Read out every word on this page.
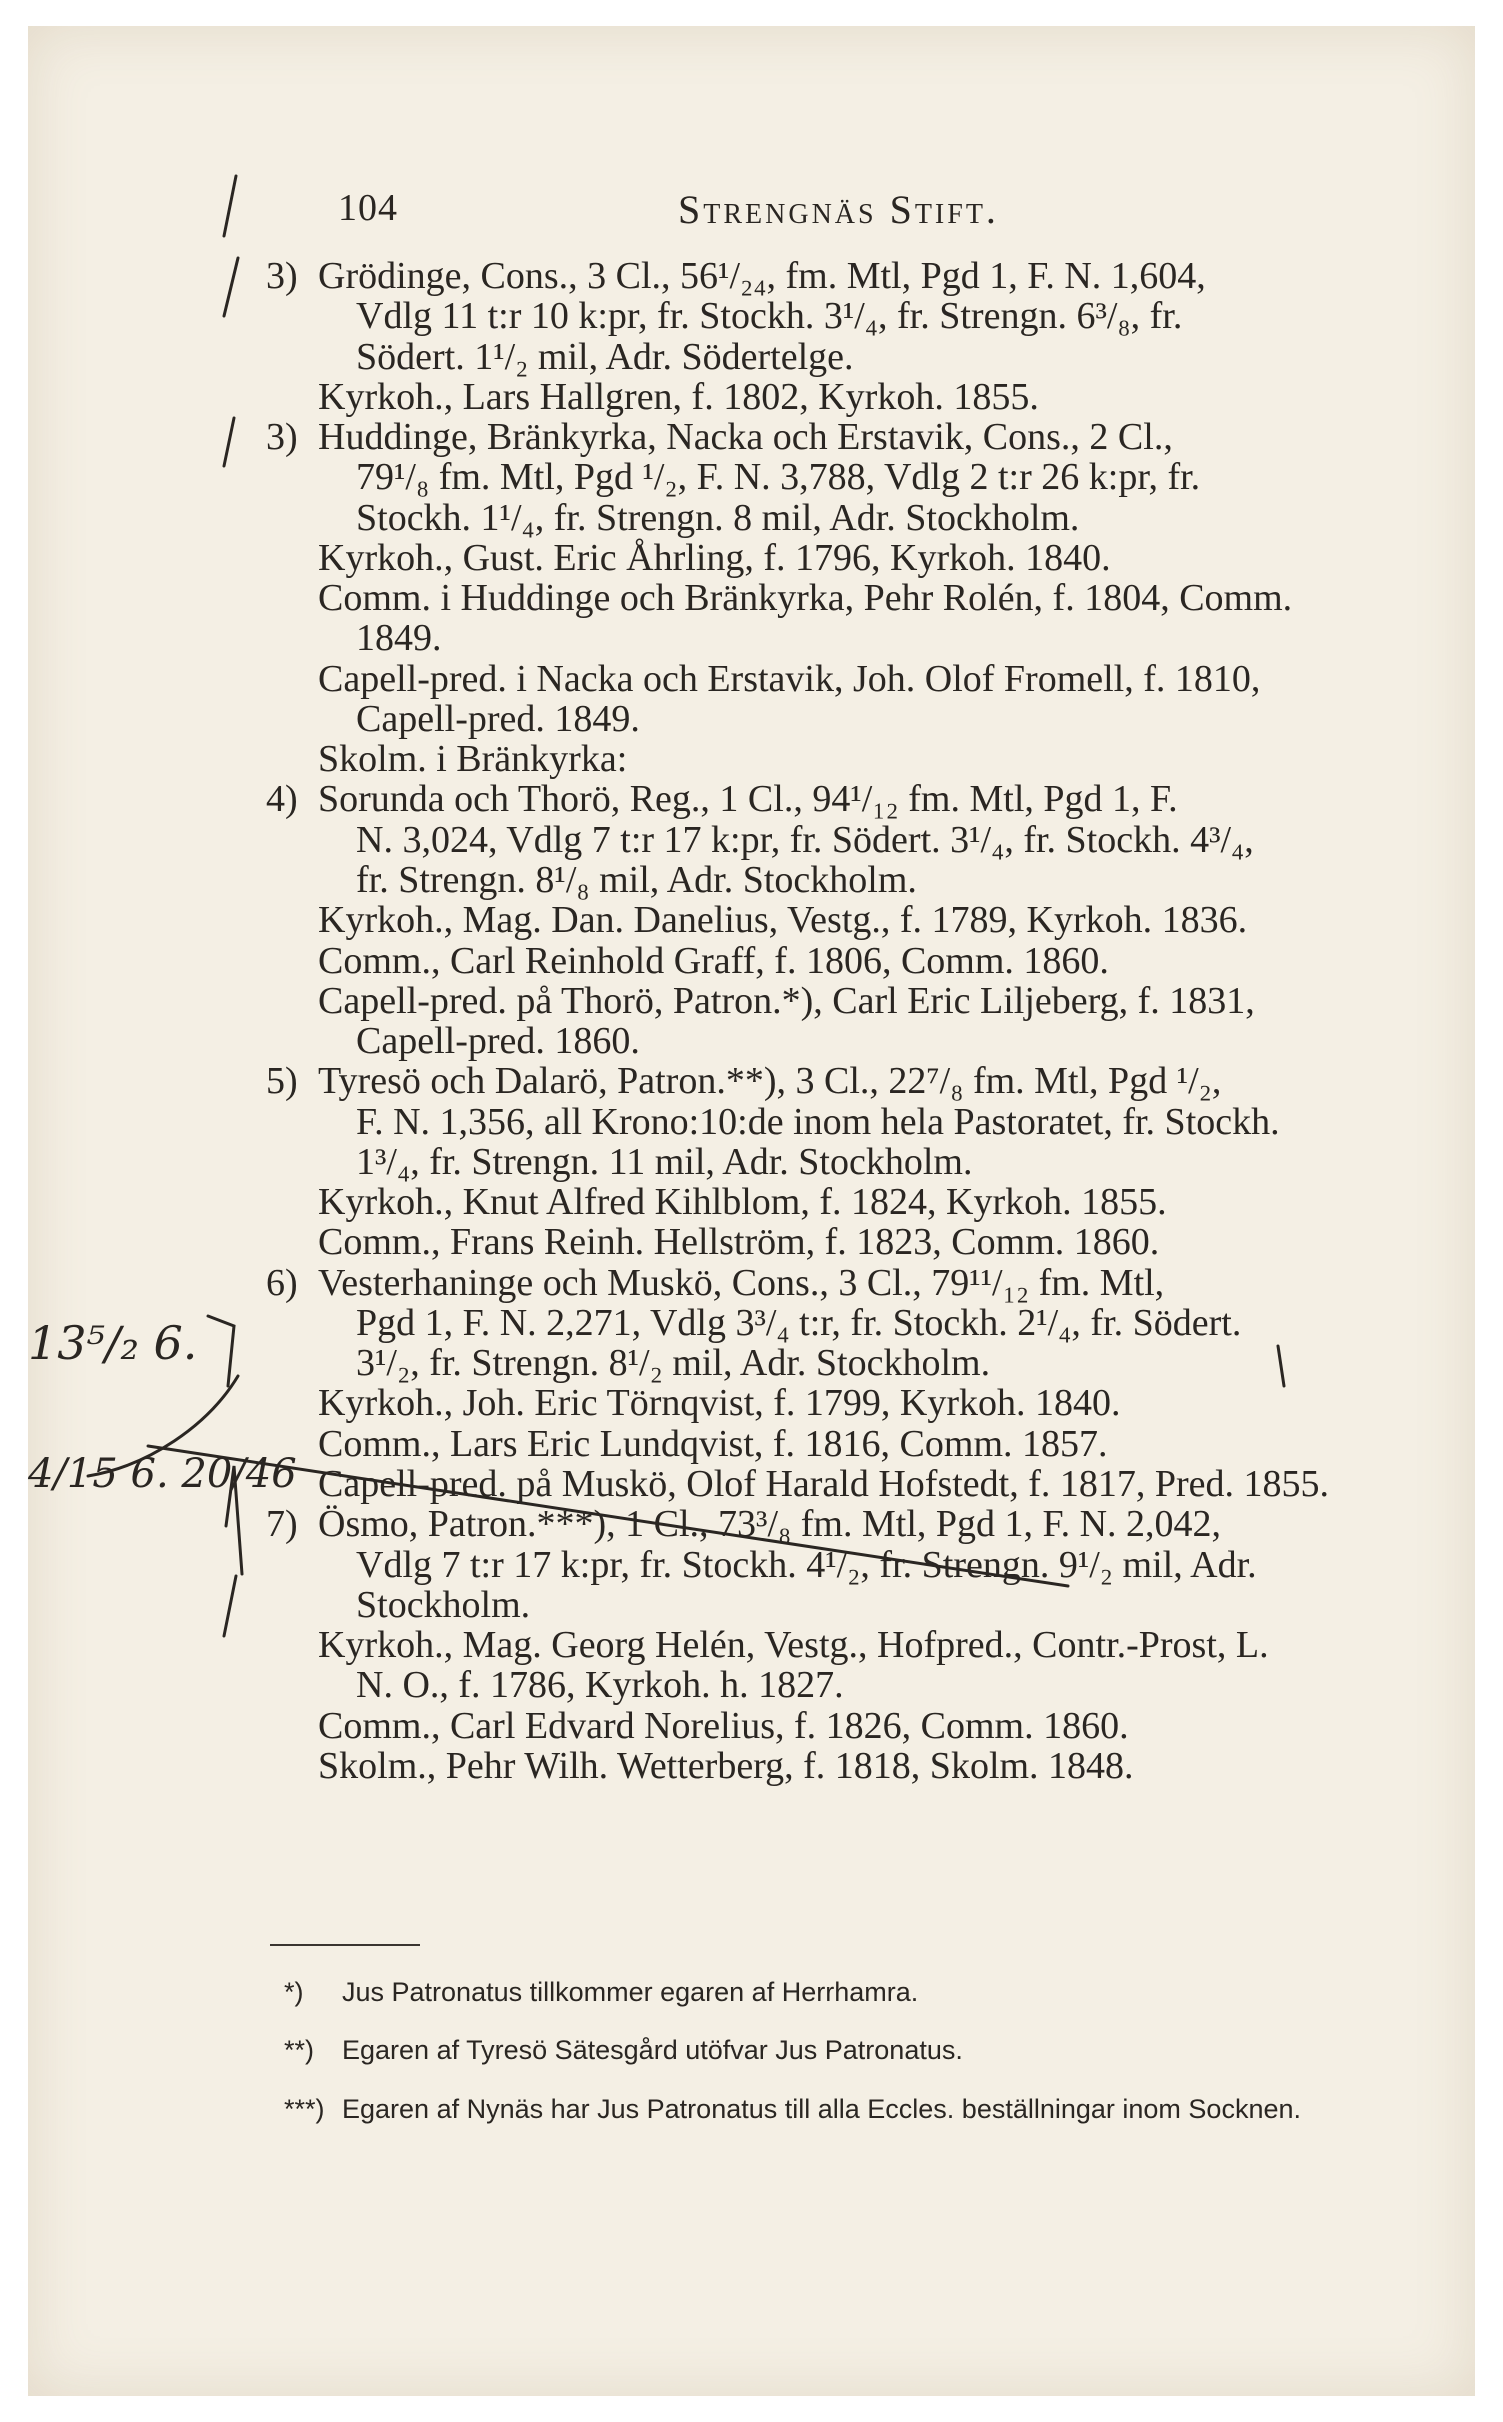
104	Strengnäs Stift.
3) Grödinge, Cons., 3 Cl., 56¹/₂₄, fm. Mtl, Pgd 1, F. N. 1,604,
Vdlg 11 t:r 10 k:pr, fr. Stockh. 3¹/₄, fr. Strengn. 6³/₈, fr.
Södert. 1¹/₂ mil, Adr. Södertelge.
Kyrkoh., Lars Hallgren, f. 1802, Kyrkoh. 1855.
3) Huddinge, Bränkyrka, Nacka och Erstavik, Cons., 2 Cl.,
79¹/₈ fm. Mtl, Pgd ¹/₂, F. N. 3,788, Vdlg 2 t:r 26 k:pr, fr.
Stockh. 1¹/₄, fr. Strengn. 8 mil, Adr. Stockholm.
Kyrkoh., Gust. Eric Åhrling, f. 1796, Kyrkoh. 1840.
Comm. i Huddinge och Bränkyrka, Pehr Rolén, f. 1804, Comm.
1849.
Capell-pred. i Nacka och Erstavik, Joh. Olof Fromell, f. 1810,
Capell-pred. 1849.
Skolm. i Bränkyrka:
4) Sorunda och Thorö, Reg., 1 Cl., 94¹/₁₂ fm. Mtl, Pgd 1, F.
N. 3,024, Vdlg 7 t:r 17 k:pr, fr. Södert. 3¹/₄, fr. Stockh. 4³/₄,
fr. Strengn. 8¹/₈ mil, Adr. Stockholm.
Kyrkoh., Mag. Dan. Danelius, Vestg., f. 1789, Kyrkoh. 1836.
Comm., Carl Reinhold Graff, f. 1806, Comm. 1860.
Capell-pred. på Thorö, Patron.*), Carl Eric Liljeberg, f. 1831,
Capell-pred. 1860.
5) Tyresö och Dalarö, Patron.**), 3 Cl., 22⁷/₈ fm. Mtl, Pgd ¹/₂,
F. N. 1,356, all Krono:10:de inom hela Pastoratet, fr. Stockh.
1³/₄, fr. Strengn. 11 mil, Adr. Stockholm.
Kyrkoh., Knut Alfred Kihlblom, f. 1824, Kyrkoh. 1855.
Comm., Frans Reinh. Hellström, f. 1823, Comm. 1860.
6) Vesterhaninge och Muskö, Cons., 3 Cl., 79¹¹/₁₂ fm. Mtl,
Pgd 1, F. N. 2,271, Vdlg 3³/₄ t:r, fr. Stockh. 2¹/₄, fr. Södert.
3¹/₂, fr. Strengn. 8¹/₂ mil, Adr. Stockholm.
Kyrkoh., Joh. Eric Törnqvist, f. 1799, Kyrkoh. 1840.
Comm., Lars Eric Lundqvist, f. 1816, Comm. 1857.
Capell-pred. på Muskö, Olof Harald Hofstedt, f. 1817, Pred. 1855.
7) Ösmo, Patron.***), 1 Cl., 73³/₈ fm. Mtl, Pgd 1, F. N. 2,042,
Vdlg 7 t:r 17 k:pr, fr. Stockh. 4¹/₂, fr. Strengn. 9¹/₂ mil, Adr.
Stockholm.
Kyrkoh., Mag. Georg Helén, Vestg., Hofpred., Contr.-Prost, L.
N. O., f. 1786, Kyrkoh. h. 1827.
Comm., Carl Edvard Norelius, f. 1826, Comm. 1860.
Skolm., Pehr Wilh. Wetterberg, f. 1818, Skolm. 1848.
*) Jus Patronatus tillkommer egaren af Herrhamra.
**) Egaren af Tyresö Sätesgård utöfvar Jus Patronatus.
***) Egaren af Nynäs har Jus Patronatus till alla Eccles. beställningar inom Socknen.
13⁵/₂ 6.
4/15 6. 20/46
